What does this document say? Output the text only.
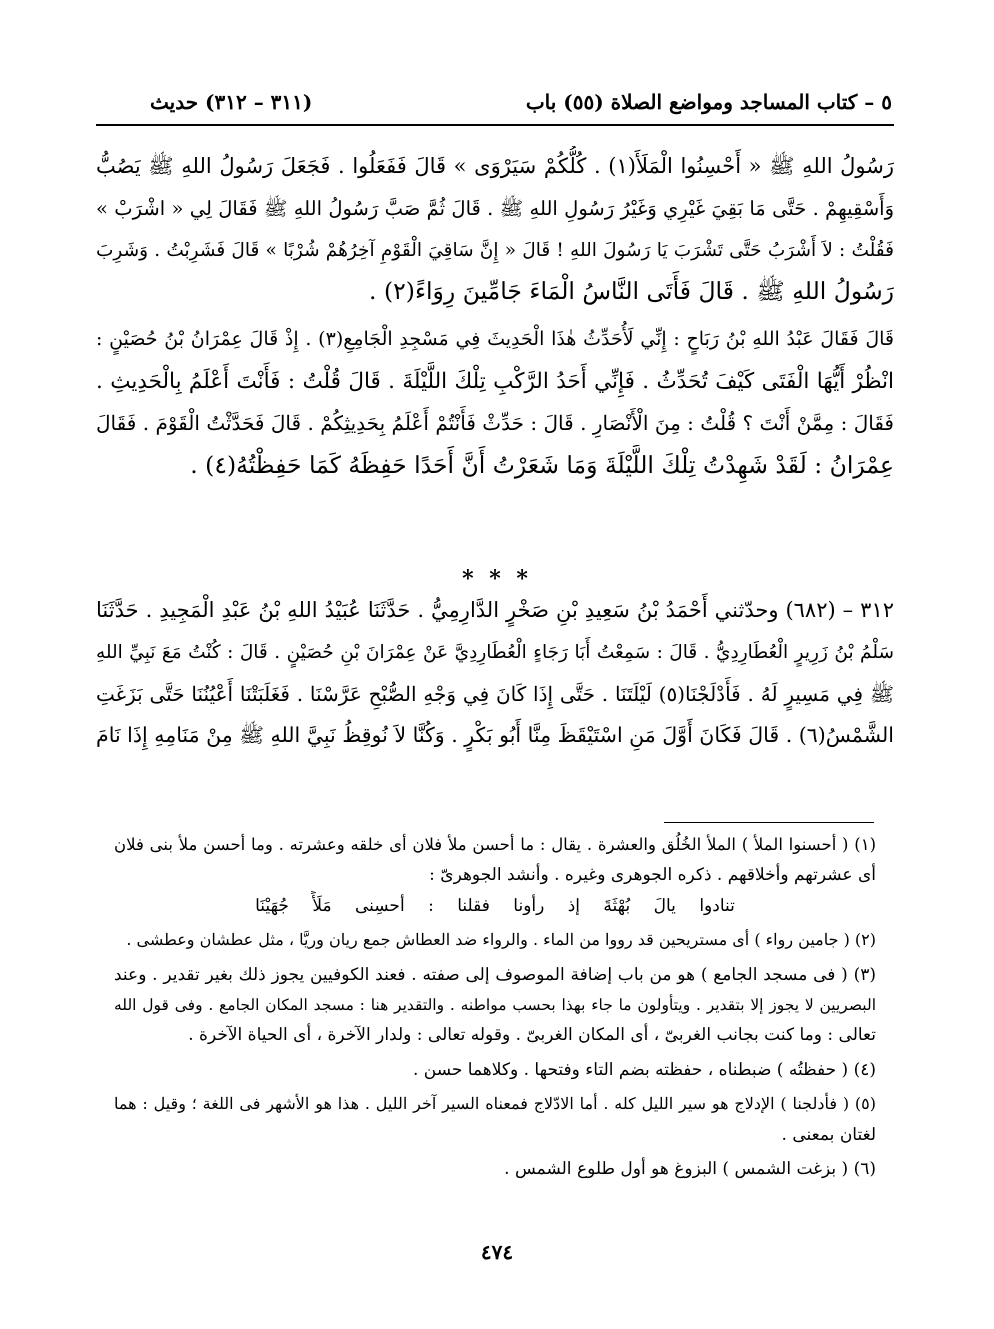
٥ – كتاب المساجد ومواضع الصلاة (٥٥) باب
(٣١١ – ٣١٢) حديث
رَسُولُ اللهِ ﷺ « أَحْسِنُوا الْمَلَأَ(١) . كُلُّكُمْ سَيَرْوَى » قَالَ فَفَعَلُوا . فَجَعَلَ رَسُولُ اللهِ ﷺ يَصُبُّ
وَأَسْقِيهِمْ . حَتَّى مَا بَقِيَ غَيْرِي وَغَيْرُ رَسُولِ اللهِ ﷺ . قَالَ ثُمَّ صَبَّ رَسُولُ اللهِ ﷺ فَقَالَ لِي « اشْرَبْ »
فَقُلْتُ : لاَ أَشْرَبُ حَتَّى تَشْرَبَ يَا رَسُولَ اللهِ ! قَالَ « إِنَّ سَاقِيَ الْقَوْمِ آخِرُهُمْ شُرْبًا » قَالَ فَشَرِبْتُ . وَشَرِبَ
رَسُولُ اللهِ ﷺ . قَالَ فَأَتَى النَّاسُ الْمَاءَ جَامِّينَ رِوَاءً(٢) .
قَالَ فَقَالَ عَبْدُ اللهِ بْنُ رَبَاحٍ : إِنِّي لَأُحَدِّثُ هٰذَا الْحَدِيثَ فِي مَسْجِدِ الْجَامِعِ(٣) . إِذْ قَالَ عِمْرَانُ بْنُ حُصَيْنٍ :
انْظُرْ أَيُّهَا الْفَتَى كَيْفَ تُحَدِّثُ . فَإِنِّي أَحَدُ الرَّكْبِ تِلْكَ اللَّيْلَةَ . قَالَ قُلْتُ : فَأَنْتَ أَعْلَمُ بِالْحَدِيثِ .
فَقَالَ : مِمَّنْ أَنْتَ ؟ قُلْتُ : مِنَ الْأَنْصَارِ . قَالَ : حَدِّثْ فَأَنْتُمْ أَعْلَمُ بِحَدِيثِكُمْ . قَالَ فَحَدَّثْتُ الْقَوْمَ . فَقَالَ
عِمْرَانُ : لَقَدْ شَهِدْتُ تِلْكَ اللَّيْلَةَ وَمَا شَعَرْتُ أَنَّ أَحَدًا حَفِظَهُ كَمَا حَفِظْتُهُ(٤) .
* * *
٣١٢ – (٦٨٢) وحدّثني أَحْمَدُ بْنُ سَعِيدِ بْنِ صَخْرٍ الدَّارِمِيُّ . حَدَّثَنَا عُبَيْدُ اللهِ بْنُ عَبْدِ الْمَجِيدِ . حَدَّثَنَا
سَلْمُ بْنُ زَرِيرٍ الْعُطَارِدِيُّ . قَالَ : سَمِعْتُ أَبَا رَجَاءٍ الْعُطَارِدِيَّ عَنْ عِمْرَانَ بْنِ حُصَيْنٍ . قَالَ : كُنْتُ مَعَ نَبِيِّ اللهِ
ﷺ فِي مَسِيرٍ لَهُ . فَأَدْلَجْنَا(٥) لَيْلَتَنَا . حَتَّى إِذَا كَانَ فِي وَجْهِ الصُّبْحِ عَرَّسْنَا . فَغَلَبَتْنَا أَعْيُنُنَا حَتَّى بَزَغَتِ
الشَّمْسُ(٦) . قَالَ فَكَانَ أَوَّلَ مَنِ اسْتَيْقَظَ مِنَّا أَبُو بَكْرٍ . وَكُنَّا لاَ نُوقِظُ نَبِيَّ اللهِ ﷺ مِنْ مَنَامِهِ إِذَا نَامَ
(١) ( أحسنوا الملأ ) الملأ الخُلُق والعشرة . يقال : ما أحسن ملأ فلان أى خلقه وعشرته . وما أحسن ملأ بنى فلان
أى عشرتهم وأخلاقهم . ذكره الجوهرى وغيره . وأنشد الجوهرىّ :
تنادوا يالَ بُهْثَةَ إذ رأونا فقلنا : أحسِنى مَلَأً جُهَيْنَا
(٢) ( جامين رواء ) أى مستريحين قد رووا من الماء . والرواء ضد العطاش جمع ريان وريَّا ، مثل عطشان وعطشى .
(٣) ( فى مسجد الجامع ) هو من باب إضافة الموصوف إلى صفته . فعند الكوفيين يجوز ذلك بغير تقدير . وعند
البصريين لا يجوز إلا بتقدير . ويتأولون ما جاء بهذا بحسب مواطنه . والتقدير هنا : مسجد المكان الجامع . وفى قول الله
تعالى : وما كنت بجانب الغربىّ ، أى المكان الغربىّ . وقوله تعالى : ولدار الآخرة ، أى الحياة الآخرة .
(٤) ( حفظتُه ) ضبطناه ، حفظته بضم التاء وفتحها . وكلاهما حسن .
(٥) ( فأدلجنا ) الإدلاج هو سير الليل كله . أما الادّلاج فمعناه السير آخر الليل . هذا هو الأشهر فى اللغة ؛ وقيل : هما
لغتان بمعنى .
(٦) ( بزغت الشمس ) البزوغ هو أول طلوع الشمس .
٤٧٤
